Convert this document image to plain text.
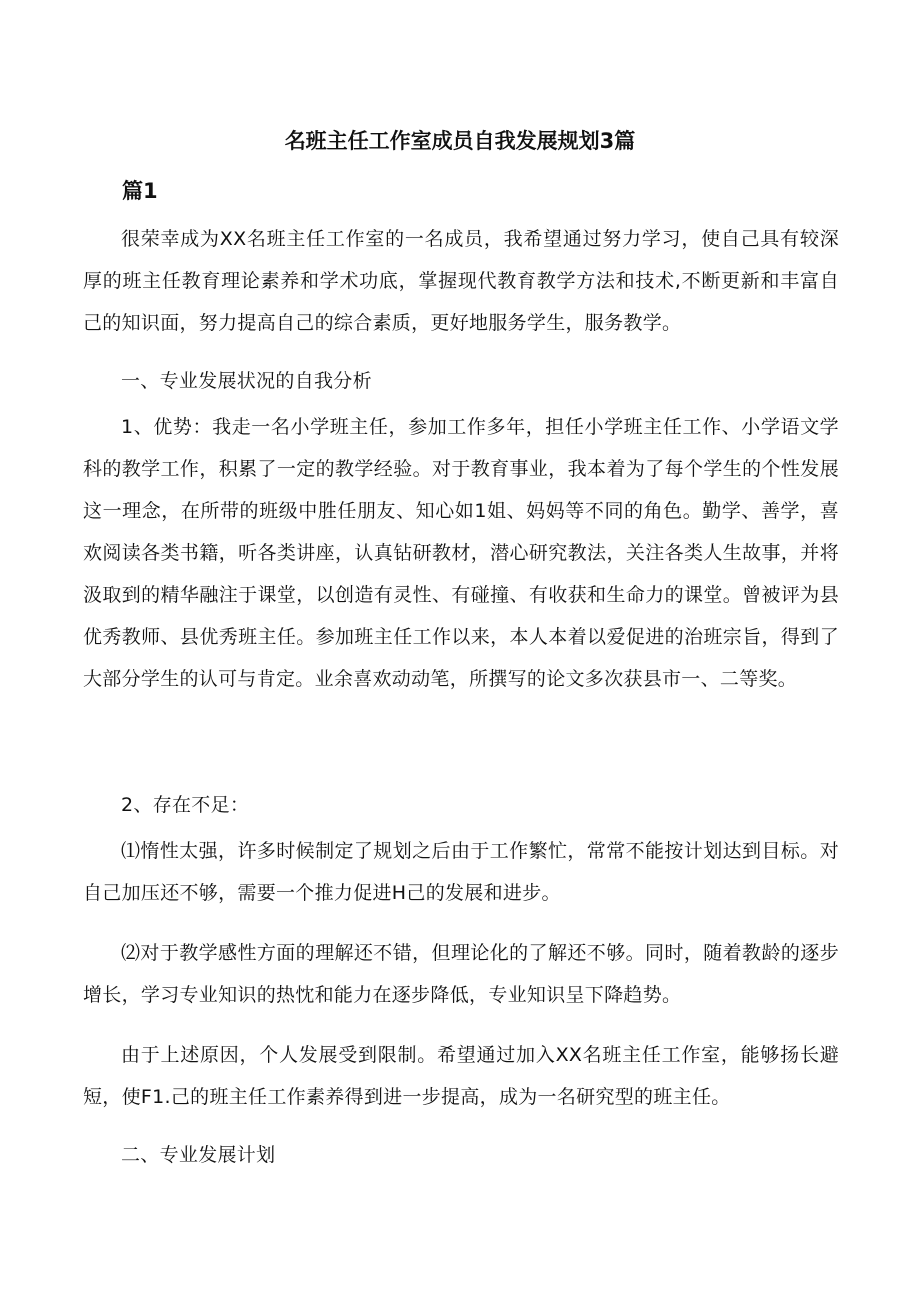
名班主任工作室成员自我发展规划3篇
篇1

很荣幸成为XX名班主任工作室的一名成员，我希望通过努力学习，使自己具有较深厚的班主任教育理论素养和学术功底，掌握现代教育教学方法和技术,不断更新和丰富自己的知识面，努力提高自己的综合素质，更好地服务学生，服务教学。

一、专业发展状况的自我分析

1、优势：我走一名小学班主任，参加工作多年，担任小学班主任工作、小学语文学科的教学工作，积累了一定的教学经验。对于教育事业，我本着为了每个学生的个性发展这一理念，在所带的班级中胜任朋友、知心如1姐、妈妈等不同的角色。勤学、善学，喜欢阅读各类书籍，听各类讲座，认真钻研教材，潜心研究教法，关注各类人生故事，并将汲取到的精华融注于课堂，以创造有灵性、有碰撞、有收获和生命力的课堂。曾被评为县优秀教师、县优秀班主任。参加班主任工作以来，本人本着以爱促进的治班宗旨，得到了大部分学生的认可与肯定。业余喜欢动动笔，所撰写的论文多次获县市一、二等奖。

2、存在不足：

⑴惰性太强，许多时候制定了规划之后由于工作繁忙，常常不能按计划达到目标。对自己加压还不够，需要一个推力促进H己的发展和进步。

⑵对于教学感性方面的理解还不错，但理论化的了解还不够。同时，随着教龄的逐步增长，学习专业知识的热忱和能力在逐步降低，专业知识呈下降趋势。

由于上述原因，个人发展受到限制。希望通过加入XX名班主任工作室，能够扬长避短，使F1.己的班主任工作素养得到进一步提高，成为一名研究型的班主任。

二、专业发展计划
